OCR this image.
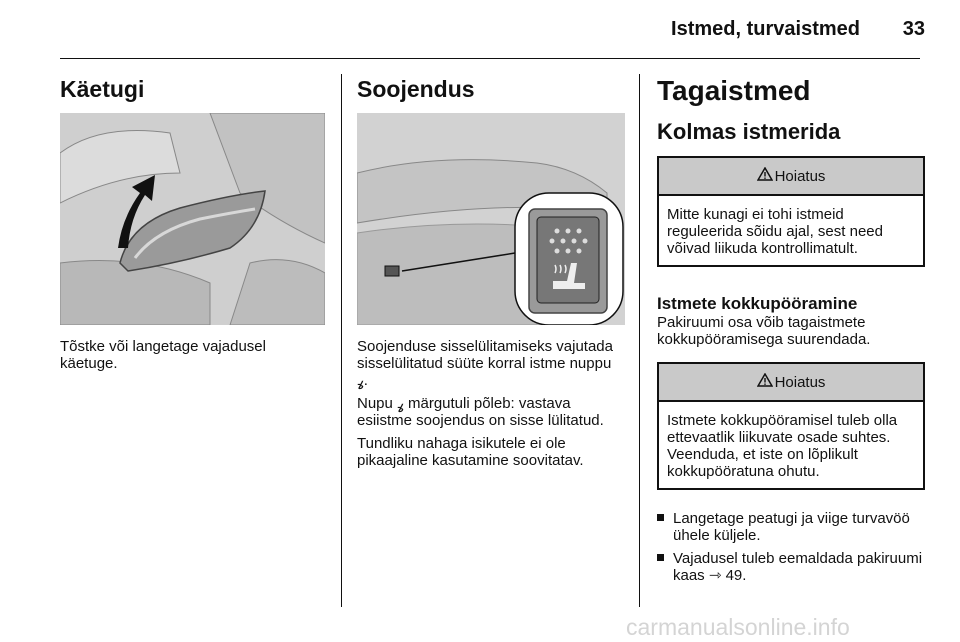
Istmed, turvaistmed	33
Käetugi

Tõstke või langetage vajadusel käetuge.

Soojendus

Soojenduse sisselülitamiseks vajutada sisselülitatud süüte korral istme nuppu ߩ.

Nupu ߩ märgutuli põleb: vastava esiistme soojendus on sisse lülitatud.

Tundliku nahaga isikutele ei ole pikaajaline kasutamine soovitatav.

Tagaistmed
Kolmas istmerida
Hoiatus
Mitte kunagi ei tohi istmeid reguleerida sõidu ajal, sest need võivad liikuda kontrollimatult.
Istmete kokkupööramine

Pakiruumi osa võib tagaistmete kokkupööramisega suurendada.

Hoiatus
Istmete kokkupööramisel tuleb olla ettevaatlik liikuvate osade suhtes. Veenduda, et iste on lõplikult kokkupööratuna ohutu.
Langetage peatugi ja viige turvavöö ühele küljele.
Vajadusel tuleb eemaldada pakiruumi kaas ⇾ 49.
carmanualsonline.info
